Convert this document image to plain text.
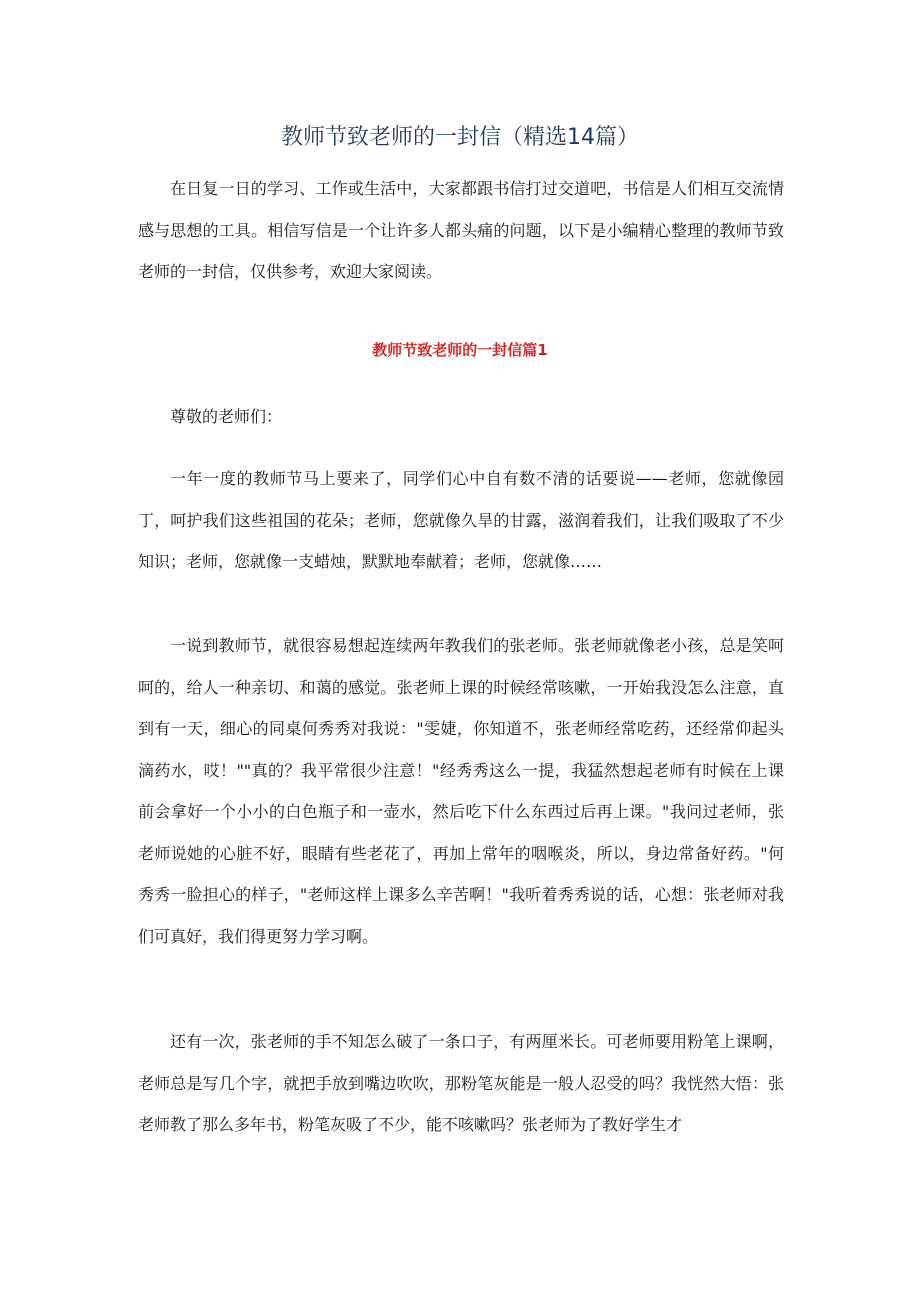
教师节致老师的一封信（精选14篇）

在日复一日的学习、工作或生活中，大家都跟书信打过交道吧，书信是人们相互交流情感与思想的工具。相信写信是一个让许多人都头痛的问题，以下是小编精心整理的教师节致老师的一封信，仅供参考，欢迎大家阅读。

教师节致老师的一封信篇1

尊敬的老师们：

一年一度的教师节马上要来了，同学们心中自有数不清的话要说——老师，您就像园丁，呵护我们这些祖国的花朵；老师，您就像久旱的甘露，滋润着我们，让我们吸取了不少知识；老师，您就像一支蜡烛，默默地奉献着；老师，您就像……

一说到教师节，就很容易想起连续两年教我们的张老师。张老师就像老小孩，总是笑呵呵的，给人一种亲切、和蔼的感觉。张老师上课的时候经常咳嗽，一开始我没怎么注意，直到有一天，细心的同桌何秀秀对我说："雯婕，你知道不，张老师经常吃药，还经常仰起头滴药水，哎！""真的？我平常很少注意！"经秀秀这么一提，我猛然想起老师有时候在上课前会拿好一个小小的白色瓶子和一壶水，然后吃下什么东西过后再上课。"我问过老师，张老师说她的心脏不好，眼睛有些老花了，再加上常年的咽喉炎，所以，身边常备好药。"何秀秀一脸担心的样子，"老师这样上课多么辛苦啊！"我听着秀秀说的话，心想：张老师对我们可真好，我们得更努力学习啊。

还有一次，张老师的手不知怎么破了一条口子，有两厘米长。可老师要用粉笔上课啊，老师总是写几个字，就把手放到嘴边吹吹，那粉笔灰能是一般人忍受的吗？我恍然大悟：张老师教了那么多年书，粉笔灰吸了不少，能不咳嗽吗？张老师为了教好学生才
